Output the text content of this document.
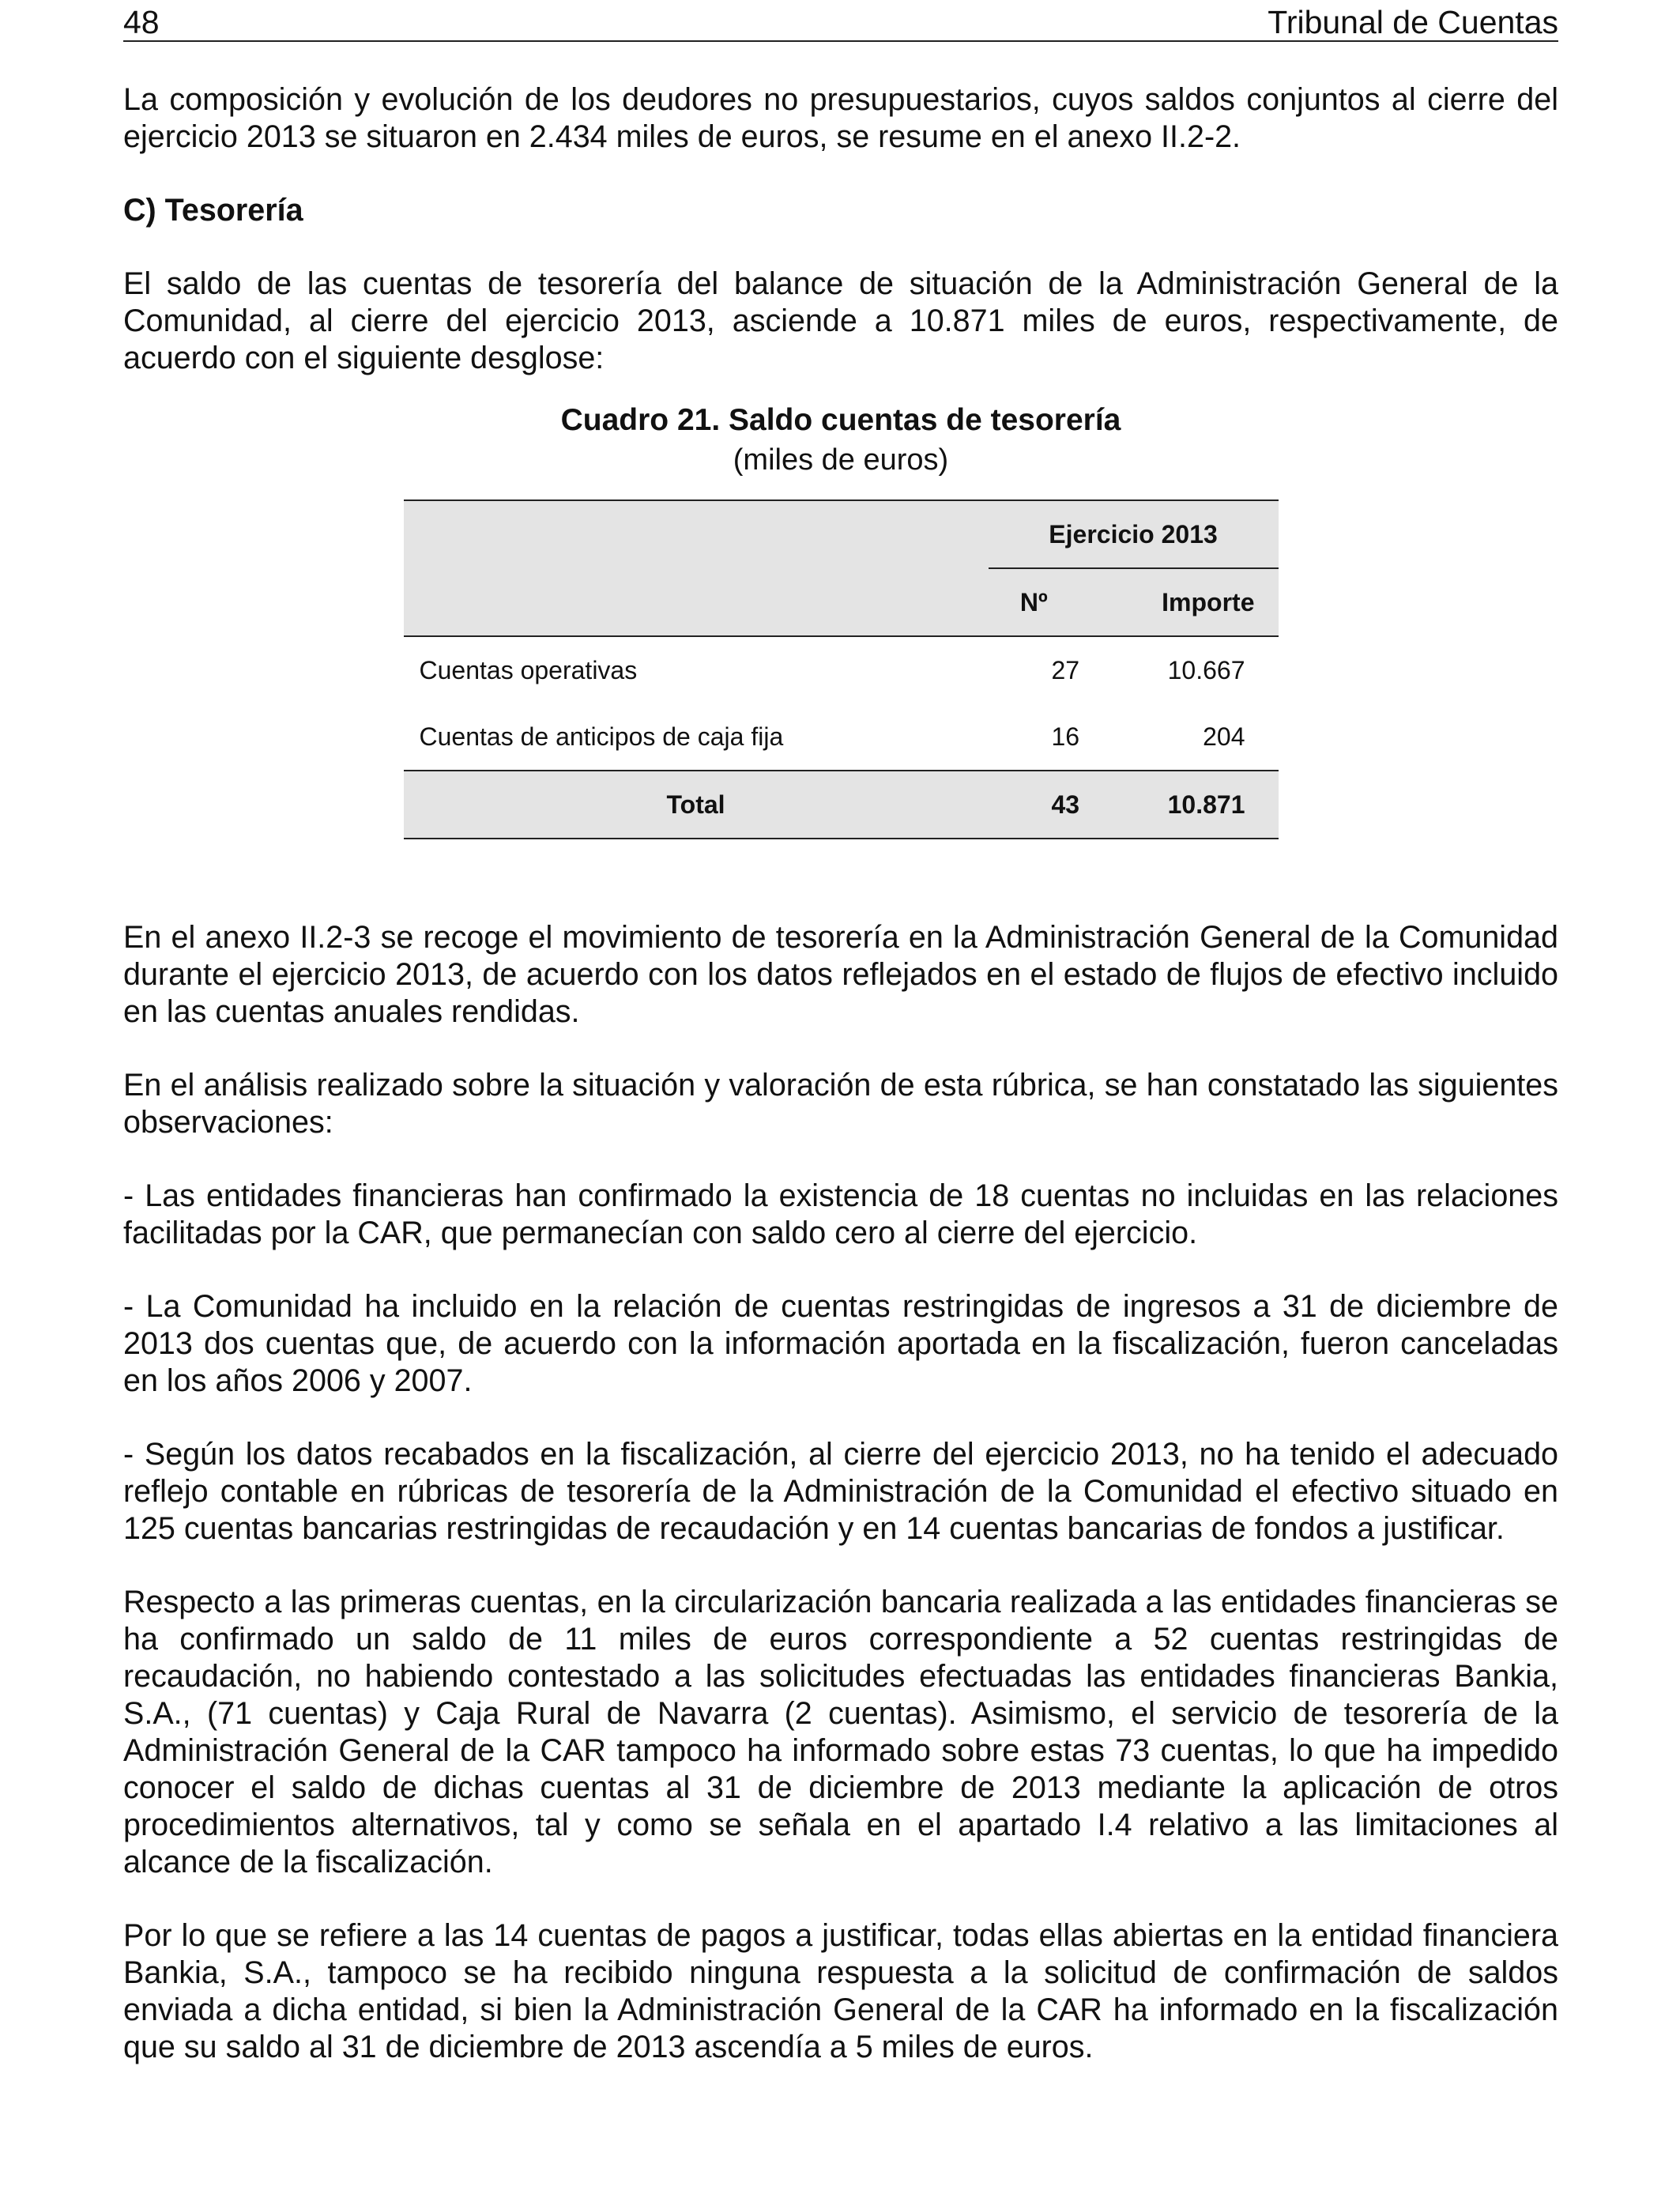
48	Tribunal de Cuentas

La composición y evolución de los deudores no presupuestarios, cuyos saldos conjuntos al cierre del ejercicio 2013 se situaron en 2.434 miles de euros, se resume en el anexo II.2-2.

C) Tesorería

El saldo de las cuentas de tesorería del balance de situación de la Administración General de la Comunidad, al cierre del ejercicio 2013, asciende a 10.871 miles de euros, respectivamente, de acuerdo con el siguiente desglose:

Cuadro 21. Saldo cuentas de tesorería
(miles de euros)
	Ejercicio 2013	
	Nº	Importe
Cuentas operativas	27	10.667
Cuentas de anticipos de caja fija	16	204
Total	43	10.871

En el anexo II.2-3 se recoge el movimiento de tesorería en la Administración General de la Comunidad durante el ejercicio 2013, de acuerdo con los datos reflejados en el estado de flujos de efectivo incluido en las cuentas anuales rendidas.

En el análisis realizado sobre la situación y valoración de esta rúbrica, se han constatado las siguientes observaciones:

- Las entidades financieras han confirmado la existencia de 18 cuentas no incluidas en las relaciones facilitadas por la CAR, que permanecían con saldo cero al cierre del ejercicio.

- La Comunidad ha incluido en la relación de cuentas restringidas de ingresos a 31 de diciembre de 2013 dos cuentas que, de acuerdo con la información aportada en la fiscalización, fueron canceladas en los años 2006 y 2007.

- Según los datos recabados en la fiscalización, al cierre del ejercicio 2013, no ha tenido el adecuado reflejo contable en rúbricas de tesorería de la Administración de la Comunidad el efectivo situado en 125 cuentas bancarias restringidas de recaudación y en 14 cuentas bancarias de fondos a justificar.

Respecto a las primeras cuentas, en la circularización bancaria realizada a las entidades financieras se ha confirmado un saldo de 11 miles de euros correspondiente a 52 cuentas restringidas de recaudación, no habiendo contestado a las solicitudes efectuadas las entidades financieras Bankia, S.A., (71 cuentas) y Caja Rural de Navarra (2 cuentas). Asimismo, el servicio de tesorería de la Administración General de la CAR tampoco ha informado sobre estas 73 cuentas, lo que ha impedido conocer el saldo de dichas cuentas al 31 de diciembre de 2013 mediante la aplicación de otros procedimientos alternativos, tal y como se señala en el apartado I.4 relativo a las limitaciones al alcance de la fiscalización.

Por lo que se refiere a las 14 cuentas de pagos a justificar, todas ellas abiertas en la entidad financiera Bankia, S.A., tampoco se ha recibido ninguna respuesta a la solicitud de confirmación de saldos enviada a dicha entidad, si bien la Administración General de la CAR ha informado en la fiscalización que su saldo al 31 de diciembre de 2013 ascendía a 5 miles de euros.
